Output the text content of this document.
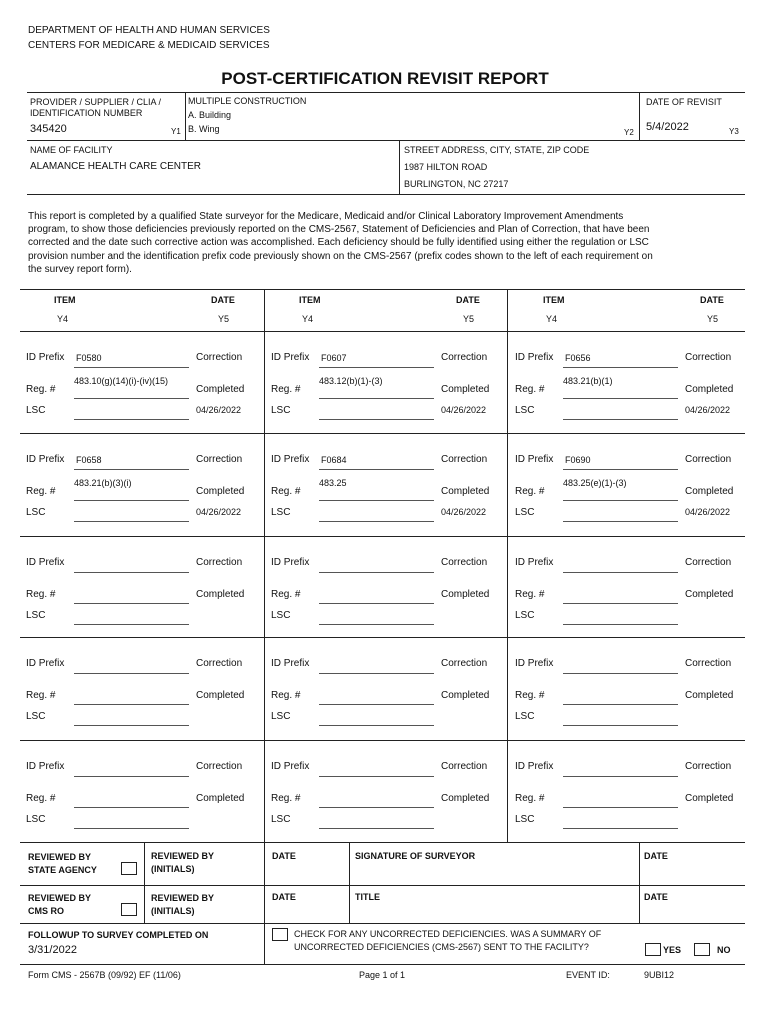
DEPARTMENT OF HEALTH AND HUMAN SERVICES
CENTERS FOR MEDICARE & MEDICAID SERVICES
POST-CERTIFICATION REVISIT REPORT
PROVIDER / SUPPLIER / CLIA /
IDENTIFICATION NUMBER
345420	Y1
MULTIPLE CONSTRUCTION
A. Building
B. Wing	Y2
DATE OF REVISIT
5/4/2022	Y3
NAME OF FACILITY
ALAMANCE HEALTH CARE CENTER
STREET ADDRESS, CITY, STATE, ZIP CODE
1987 HILTON ROAD
BURLINGTON, NC 27217
This report is completed by a qualified State surveyor for the Medicare, Medicaid and/or Clinical Laboratory Improvement Amendments
program, to show those deficiencies previously reported on the CMS-2567, Statement of Deficiencies and Plan of Correction, that have been
corrected and the date such corrective action was accomplished. Each deficiency should be fully identified using either the regulation or LSC
provision number and the identification prefix code previously shown on the CMS-2567 (prefix codes shown to the left of each requirement on
the survey report form).
ITEM	DATE
Y4	Y5
ITEM	DATE
Y4	Y5
ITEM	DATE
Y4	Y5
ID Prefix F0580	Correction
Reg. #
483.10(g)(14)(i)-(iv)(15)
Completed
LSC	04/26/2022
ID Prefix F0607	Correction
Reg. #
483.12(b)(1)-(3)
Completed
LSC	04/26/2022
ID Prefix F0656	Correction
Reg. #
483.21(b)(1)
Completed
LSC	04/26/2022
ID Prefix F0658	Correction
Reg. #
483.21(b)(3)(i)
Completed
LSC	04/26/2022
ID Prefix F0684	Correction
Reg. #
483.25
Completed
LSC	04/26/2022
ID Prefix F0690	Correction
Reg. #
483.25(e)(1)-(3)
Completed
LSC	04/26/2022
ID Prefix	Correction
Reg. #	Completed
LSC
ID Prefix	Correction
Reg. #	Completed
LSC
ID Prefix	Correction
Reg. #	Completed
LSC
ID Prefix	Correction
Reg. #	Completed
LSC
ID Prefix	Correction
Reg. #	Completed
LSC
ID Prefix	Correction
Reg. #	Completed
LSC
ID Prefix	Correction
Reg. #	Completed
LSC
ID Prefix	Correction
Reg. #	Completed
LSC
ID Prefix	Correction
Reg. #	Completed
LSC
REVIEWED BY
STATE AGENCY
REVIEWED BY
(INITIALS)
DATE	SIGNATURE OF SURVEYOR	DATE
REVIEWED BY
CMS RO
REVIEWED BY
(INITIALS)
DATE	TITLE	DATE
FOLLOWUP TO SURVEY COMPLETED ON
3/31/2022
CHECK FOR ANY UNCORRECTED DEFICIENCIES. WAS A SUMMARY OF
UNCORRECTED DEFICIENCIES (CMS-2567) SENT TO THE FACILITY?	YES	NO
Form CMS - 2567B (09/92) EF (11/06)	Page 1 of 1	EVENT ID:	9UBI12
